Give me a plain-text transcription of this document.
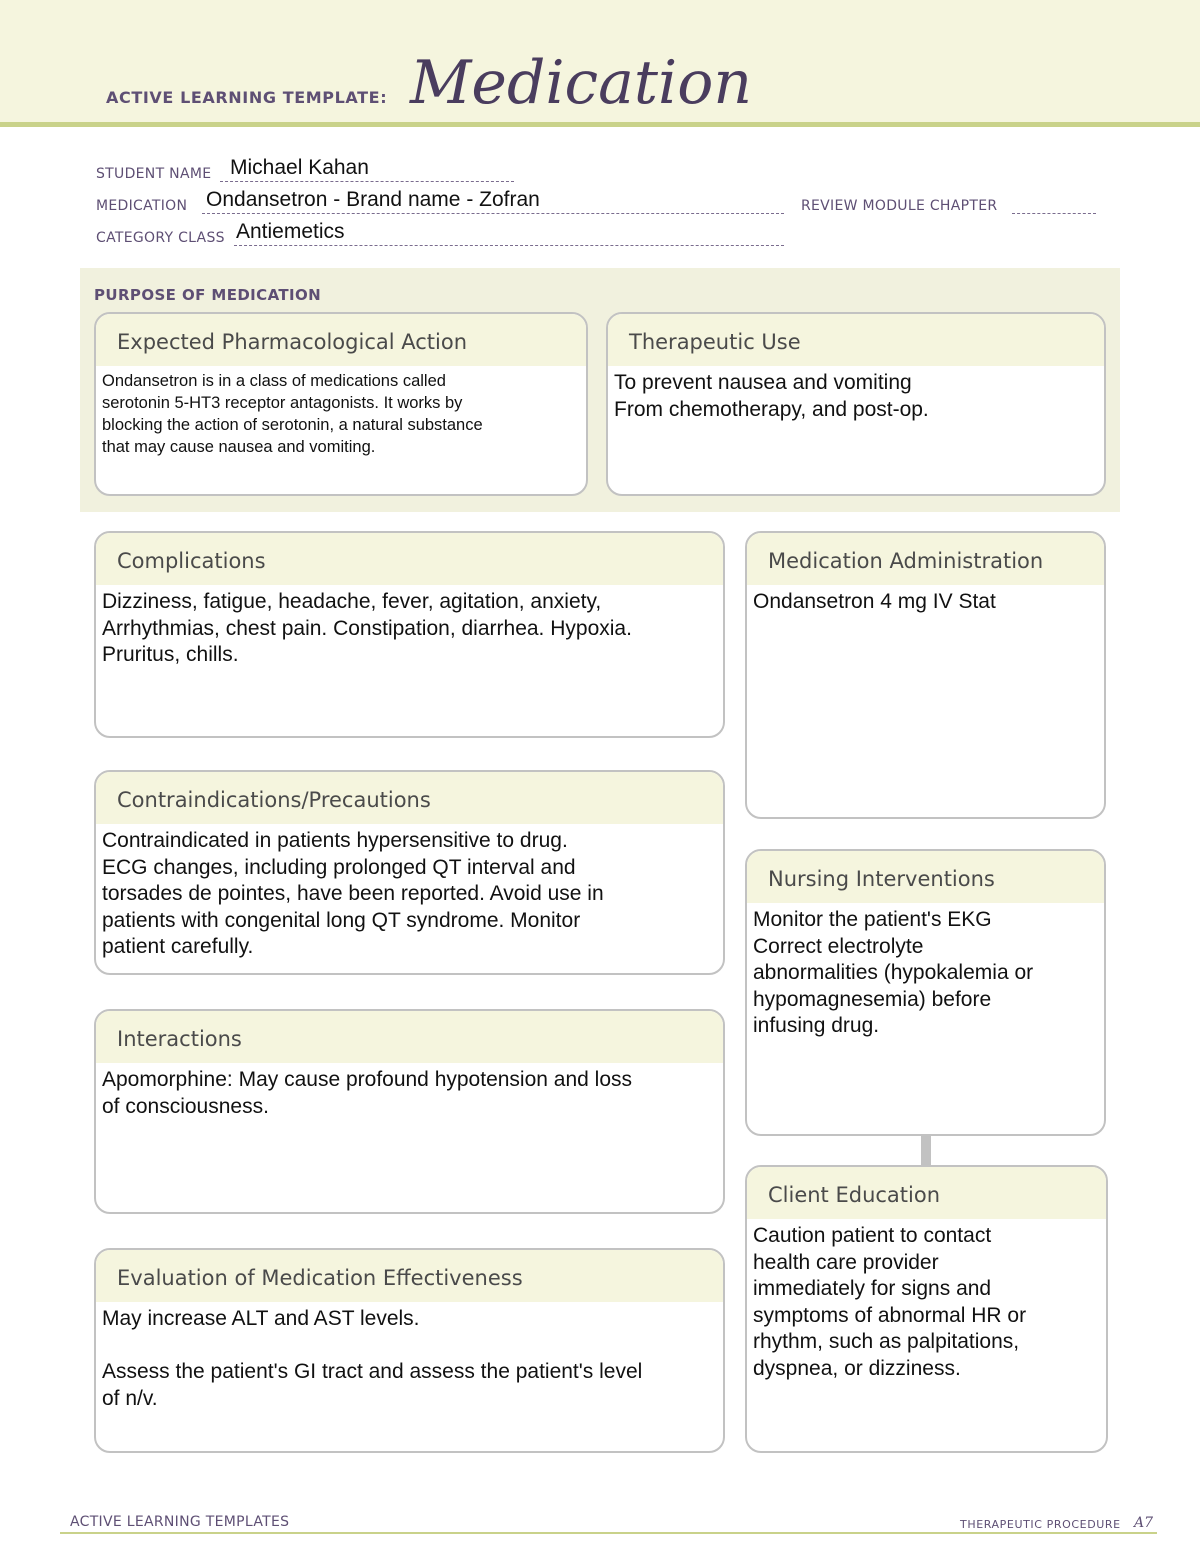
ACTIVE LEARNING TEMPLATE: Medication
STUDENT NAME Michael Kahan
MEDICATION Ondansetron - Brand name - Zofran	REVIEW MODULE CHAPTER
CATEGORY CLASS Antiemetics
PURPOSE OF MEDICATION
Expected Pharmacological Action
Ondansetron is in a class of medications called
serotonin 5-HT3 receptor antagonists. It works by
blocking the action of serotonin, a natural substance
that may cause nausea and vomiting.
Therapeutic Use
To prevent nausea and vomiting
From chemotherapy, and post-op.
Complications
Dizziness, fatigue, headache, fever, agitation, anxiety,
Arrhythmias, chest pain. Constipation, diarrhea. Hypoxia.
Pruritus, chills.
Contraindications/Precautions
Contraindicated in patients hypersensitive to drug.
ECG changes, including prolonged QT interval and
torsades de pointes, have been reported. Avoid use in
patients with congenital long QT syndrome. Monitor
patient carefully.
Interactions
Apomorphine: May cause profound hypotension and loss
of consciousness.
Evaluation of Medication Effectiveness
May increase ALT and AST levels.

Assess the patient's GI tract and assess the patient's level
of n/v.
Medication Administration
Ondansetron 4 mg IV Stat
Nursing Interventions
Monitor the patient's EKG
Correct electrolyte
abnormalities (hypokalemia or
hypomagnesemia) before
infusing drug.
Client Education
Caution patient to contact
health care provider
immediately for signs and
symptoms of abnormal HR or
rhythm, such as palpitations,
dyspnea, or dizziness.
ACTIVE LEARNING TEMPLATES	THERAPEUTIC PROCEDURE A7
